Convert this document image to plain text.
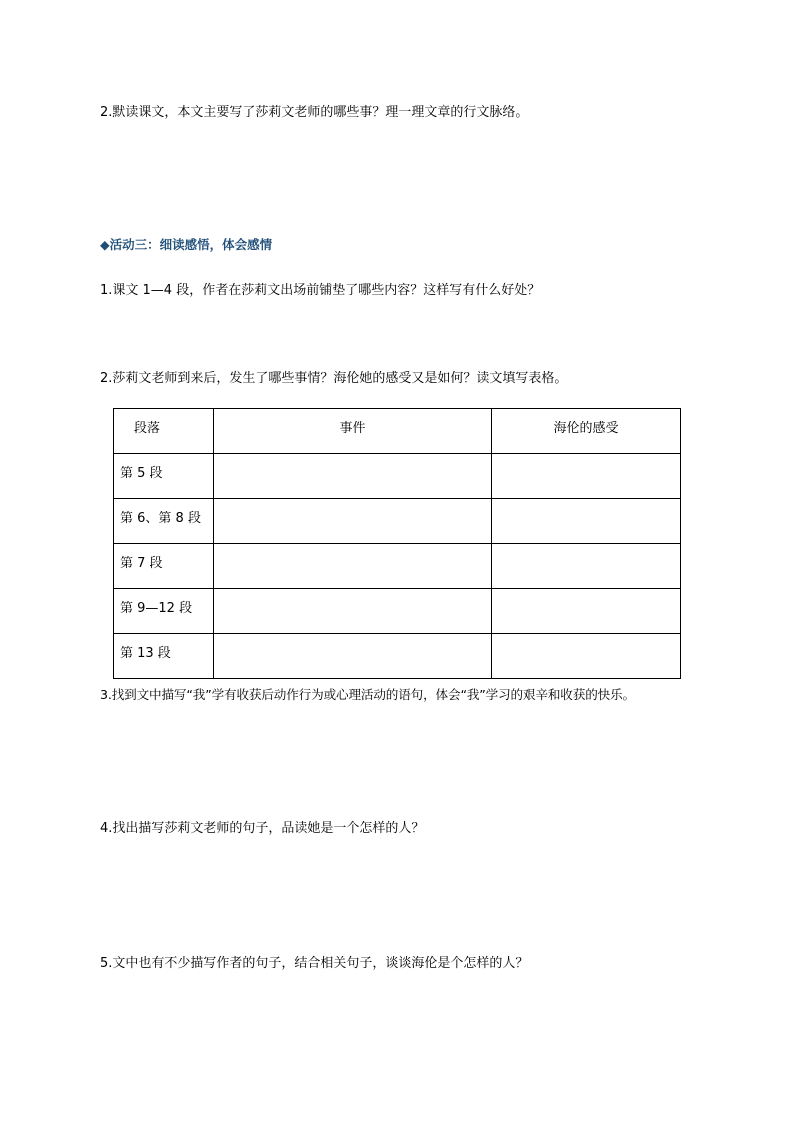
2.默读课文，本文主要写了莎莉文老师的哪些事？理一理文章的行文脉络。
◆活动三：细读感悟，体会感情
1.课文 1—4 段，作者在莎莉文出场前铺垫了哪些内容？这样写有什么好处？
2.莎莉文老师到来后，发生了哪些事情？海伦她的感受又是如何？读文填写表格。
段落	事件	海伦的感受

第 5 段		

第 6、第 8 段		

第 7 段		

第 9—12 段		

第 13 段		

3.找到文中描写“我”学有收获后动作行为或心理活动的语句，体会“我”学习的艰辛和收获的快乐。
4.找出描写莎莉文老师的句子，品读她是一个怎样的人？
5.文中也有不少描写作者的句子，结合相关句子，谈谈海伦是个怎样的人？
